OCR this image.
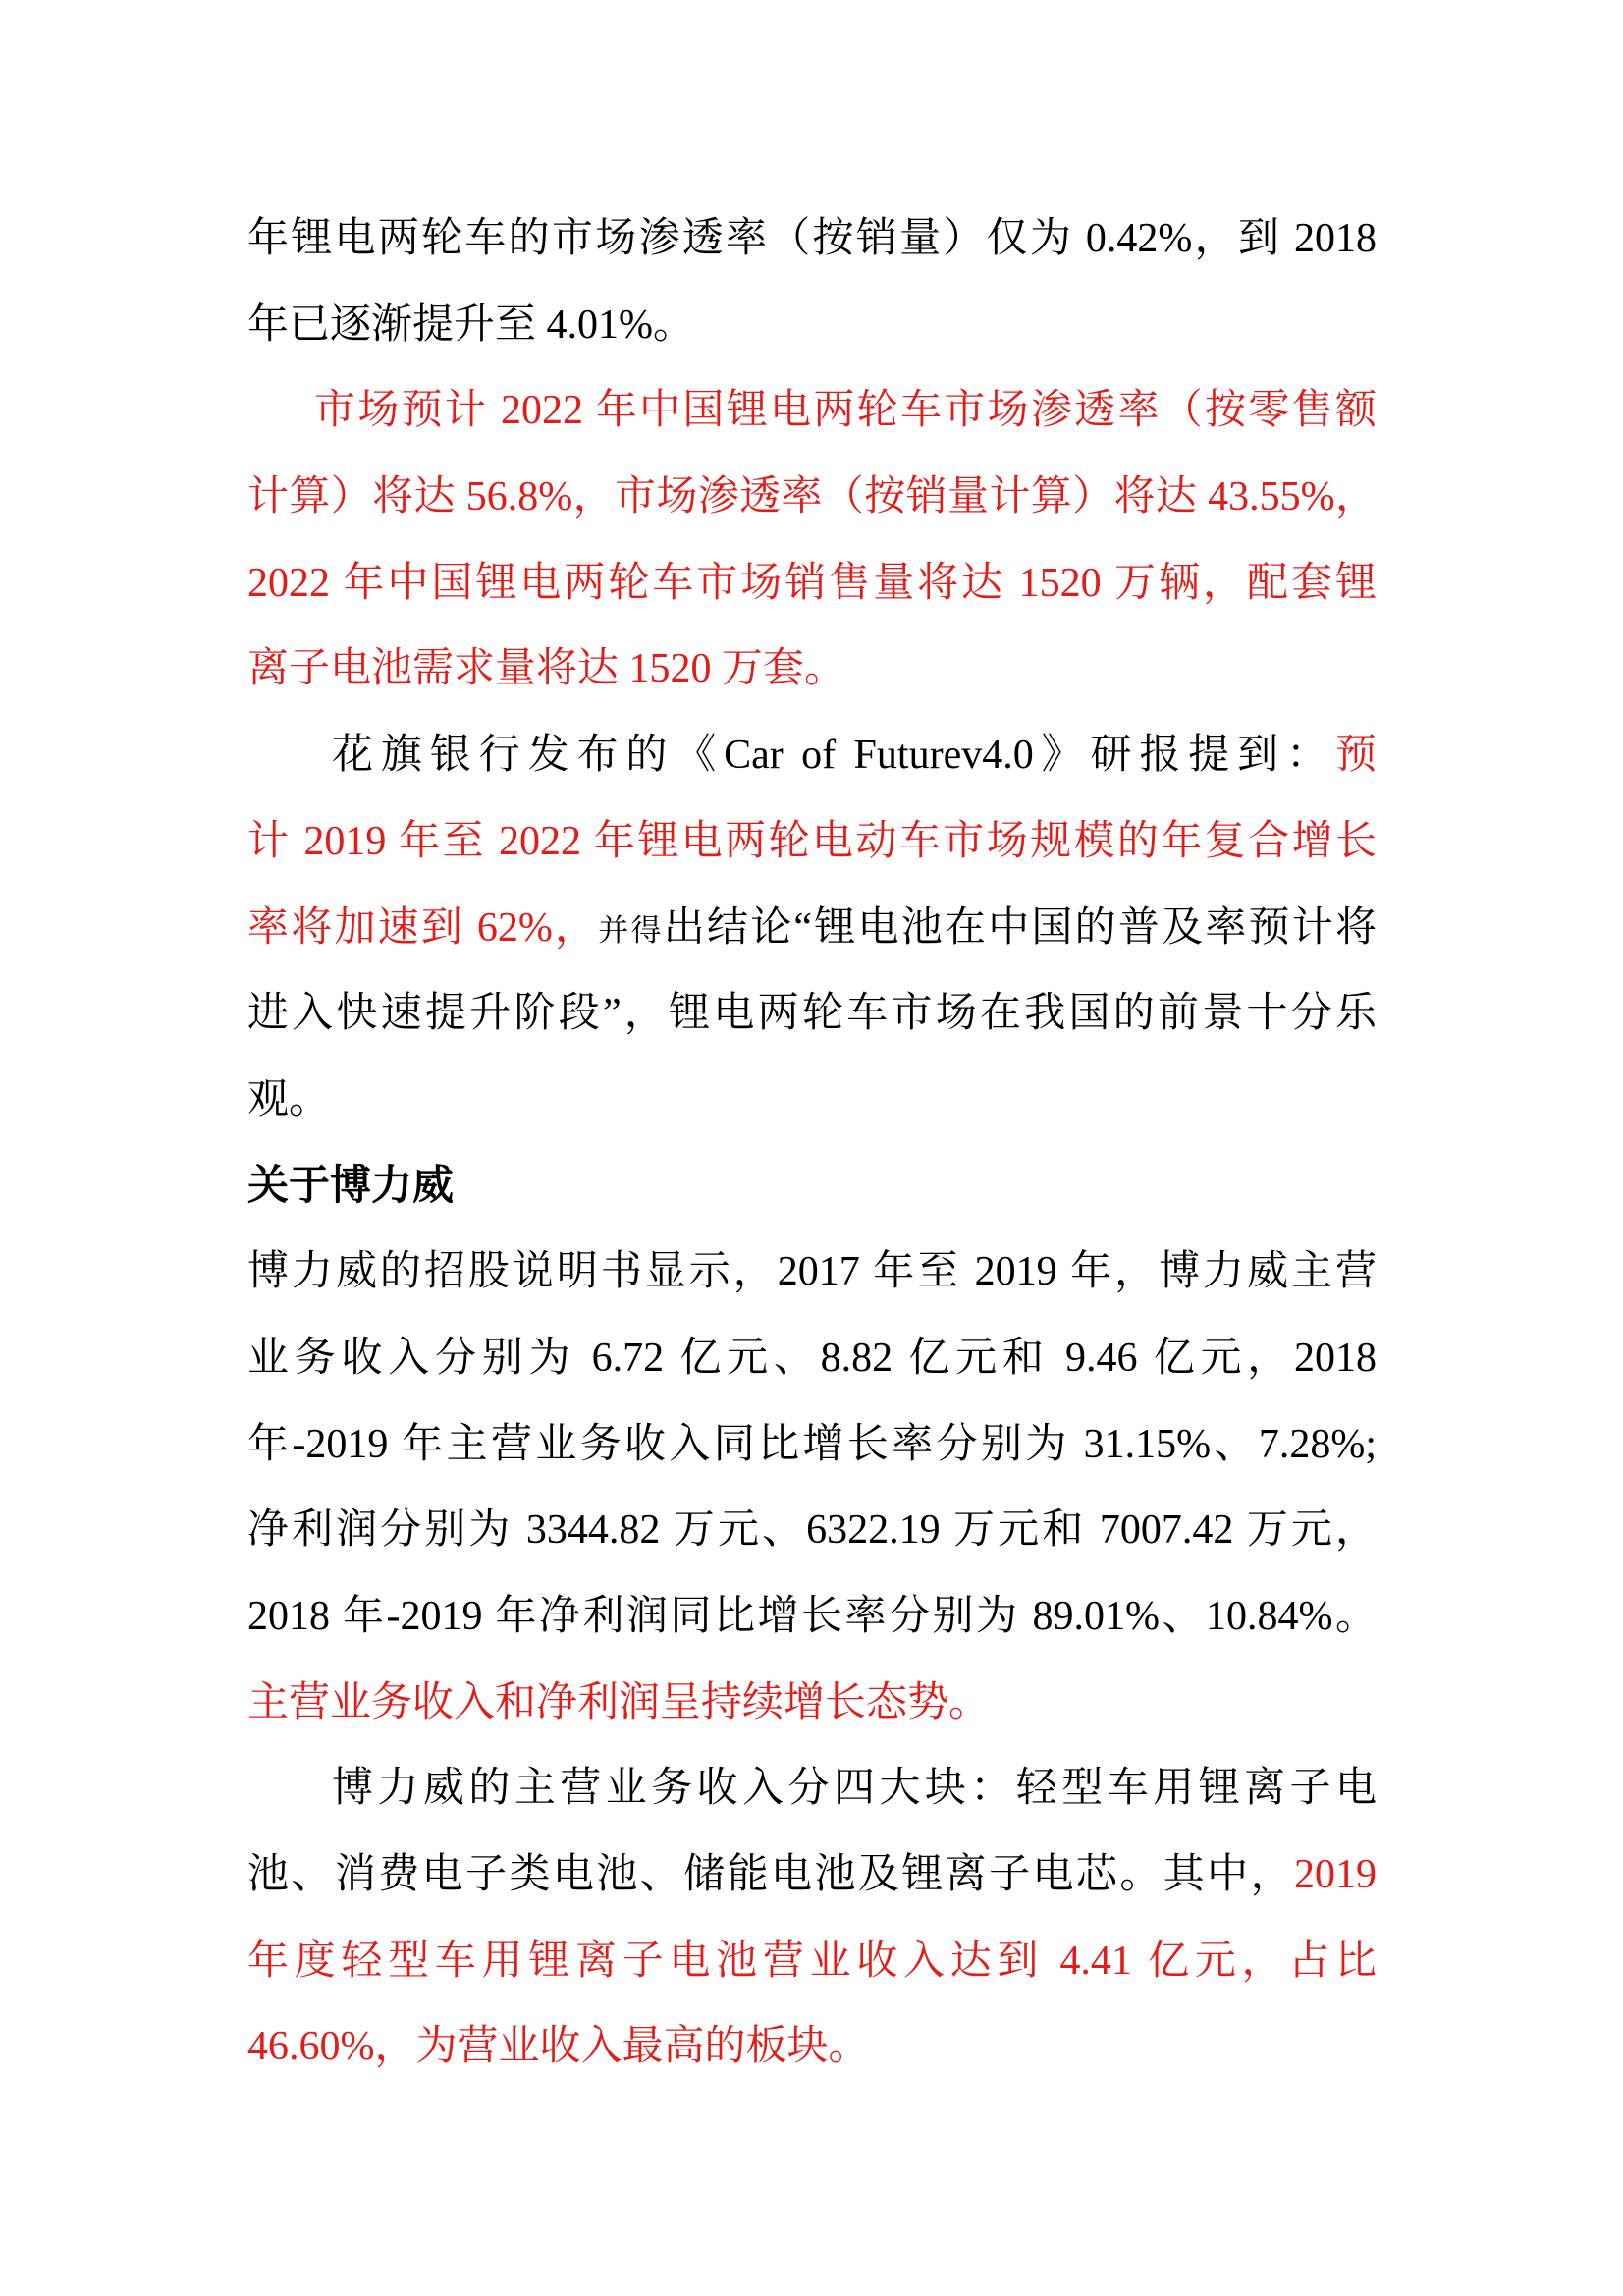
年锂电两轮车的市场渗透率（按销量）仅为 0.42%，到 2018
年已逐渐提升至 4.01%。
市场预计 2022 年中国锂电两轮车市场渗透率（按零售额
计算）将达 56.8%，市场渗透率（按销量计算）将达 43.55%，
2022 年中国锂电两轮车市场销售量将达 1520 万辆，配套锂
离子电池需求量将达 1520 万套。
花旗银行发布的《Car of Futurev4.0》研报提到：预
计 2019 年至 2022 年锂电两轮电动车市场规模的年复合增长
率将加速到 62%，并得出结论“锂电池在中国的普及率预计将
进入快速提升阶段”，锂电两轮车市场在我国的前景十分乐
观。
关于博力威
博力威的招股说明书显示，2017 年至 2019 年，博力威主营
业务收入分别为 6.72 亿元、8.82 亿元和 9.46 亿元，2018
年-2019 年主营业务收入同比增长率分别为 31.15%、7.28%;
净利润分别为 3344.82 万元、6322.19 万元和 7007.42 万元，
2018 年-2019 年净利润同比增长率分别为 89.01%、10.84%。
主营业务收入和净利润呈持续增长态势。
博力威的主营业务收入分四大块：轻型车用锂离子电
池、消费电子类电池、储能电池及锂离子电芯。其中，2019
年度轻型车用锂离子电池营业收入达到 4.41 亿元，占比
46.60%，为营业收入最高的板块。
